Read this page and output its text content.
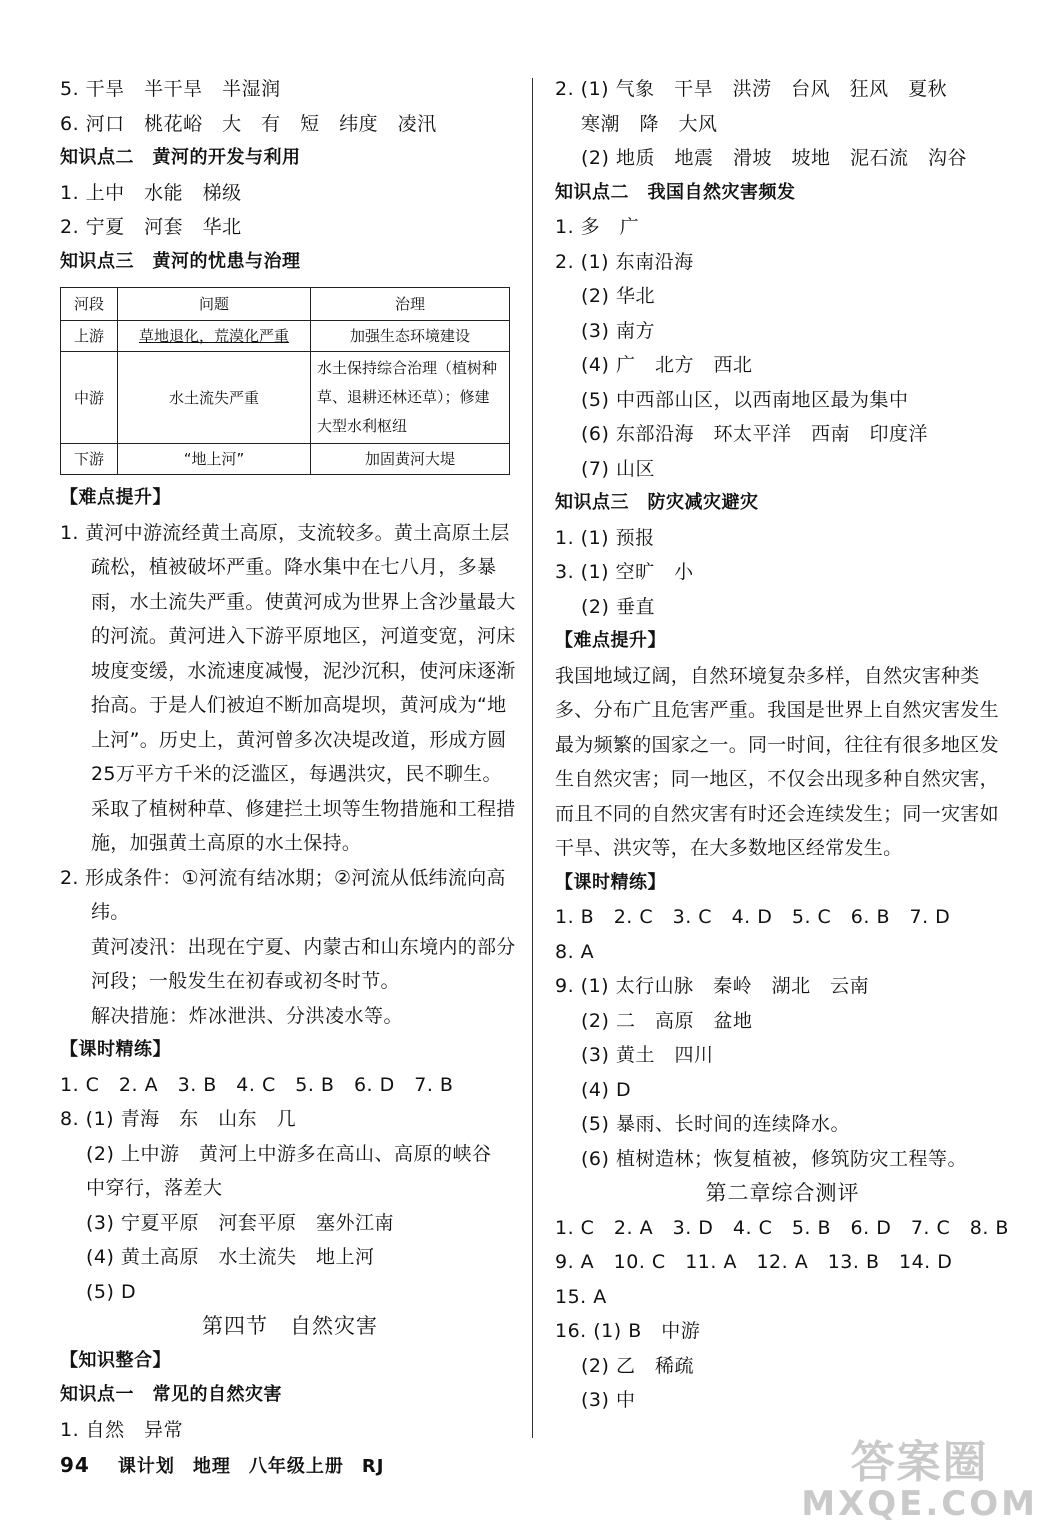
5. 干旱　半干旱　半湿润
6. 河口　桃花峪　大　有　短　纬度　凌汛
知识点二　黄河的开发与利用
1. 上中　水能　梯级
2. 宁夏　河套　华北
知识点三　黄河的忧患与治理
河段	问题	治理
上游	草地退化，荒漠化严重	加强生态环境建设
中游	水土流失严重	水土保持综合治理（植树种草、退耕还林还草）；修建大型水利枢纽
下游	“地上河”	加固黄河大堤
【难点提升】
1. 黄河中游流经黄土高原，支流较多。黄土高原土层疏松，植被破坏严重。降水集中在七八月，多暴雨，水土流失严重。使黄河成为世界上含沙量最大的河流。黄河进入下游平原地区，河道变宽，河床坡度变缓，水流速度减慢，泥沙沉积，使河床逐渐抬高。于是人们被迫不断加高堤坝，黄河成为“地上河”。历史上，黄河曾多次决堤改道，形成方圆25万平方千米的泛滥区，每遇洪灾，民不聊生。采取了植树种草、修建拦土坝等生物措施和工程措施，加强黄土高原的水土保持。
2. 形成条件：①河流有结冰期；②河流从低纬流向高纬。
黄河凌汛：出现在宁夏、内蒙古和山东境内的部分河段；一般发生在初春或初冬时节。
解决措施：炸冰泄洪、分洪凌水等。
【课时精练】
1. C　2. A　3. B　4. C　5. B　6. D　7. B
8. (1) 青海　东　山东　几
(2) 上中游　黄河上中游多在高山、高原的峡谷
中穿行，落差大
(3) 宁夏平原　河套平原　塞外江南
(4) 黄土高原　水土流失　地上河
(5) D
第四节　自然灾害
【知识整合】
知识点一　常见的自然灾害
1. 自然　异常
2. (1) 气象　干旱　洪涝　台风　狂风　夏秋
寒潮　降　大风
(2) 地质　地震　滑坡　坡地　泥石流　沟谷
知识点二　我国自然灾害频发
1. 多　广
2. (1) 东南沿海
(2) 华北
(3) 南方
(4) 广　北方　西北
(5) 中西部山区，以西南地区最为集中
(6) 东部沿海　环太平洋　西南　印度洋
(7) 山区
知识点三　防灾减灾避灾
1. (1) 预报
3. (1) 空旷　小
(2) 垂直
【难点提升】
我国地域辽阔，自然环境复杂多样，自然灾害种类多、分布广且危害严重。我国是世界上自然灾害发生最为频繁的国家之一。同一时间，往往有很多地区发生自然灾害；同一地区，不仅会出现多种自然灾害，而且不同的自然灾害有时还会连续发生；同一灾害如干旱、洪灾等，在大多数地区经常发生。
【课时精练】
1. B　2. C　3. C　4. D　5. C　6. B　7. D
8. A
9. (1) 太行山脉　秦岭　湖北　云南
(2) 二　高原　盆地
(3) 黄土　四川
(4) D
(5) 暴雨、长时间的连续降水。
(6) 植树造林；恢复植被，修筑防灾工程等。
第二章综合测评
1. C　2. A　3. D　4. C　5. B　6. D　7. C　8. B
9. A　10. C　11. A　12. A　13. B　14. D
15. A
16. (1) B　中游
(2) 乙　稀疏
(3) 中
94 课计划 地理 八年级上册 RJ	答案圈
MXQE.COM
